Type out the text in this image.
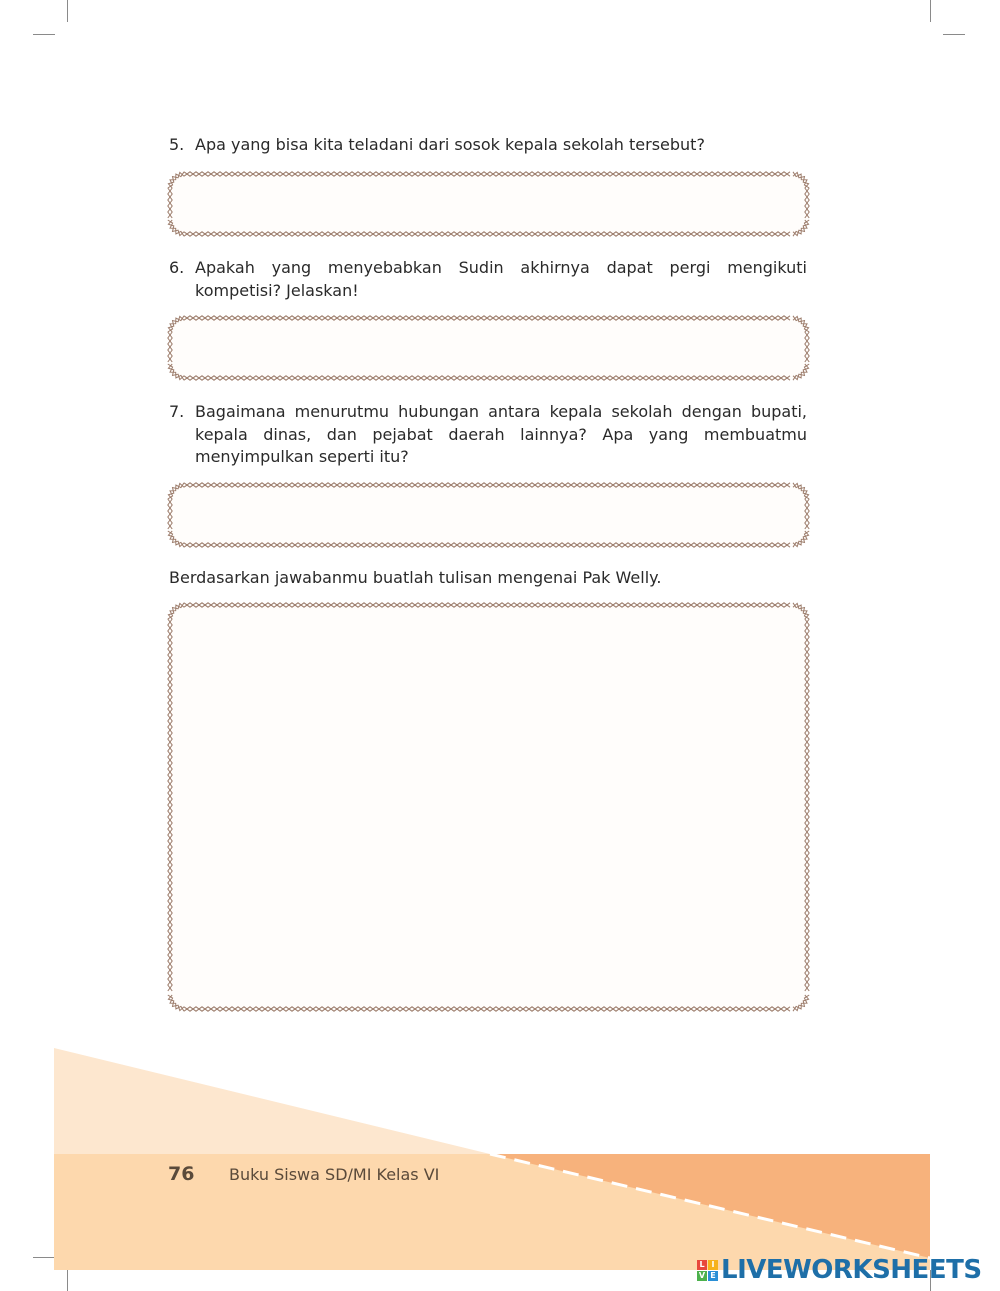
5. Apa yang bisa kita teladani dari sosok kepala sekolah tersebut?
6. Apakah yang menyebabkan Sudin akhirnya dapat pergi mengikuti kompetisi? Jelaskan!
7. Bagaimana menurutmu hubungan antara kepala sekolah dengan bupati, kepala dinas, dan pejabat daerah lainnya? Apa yang membuatmu menyimpulkan seperti itu?
Berdasarkan jawabanmu buatlah tulisan mengenai Pak Welly.
76 Buku Siswa SD/MI Kelas VI
L I
V E LIVEWORKSHEETS
